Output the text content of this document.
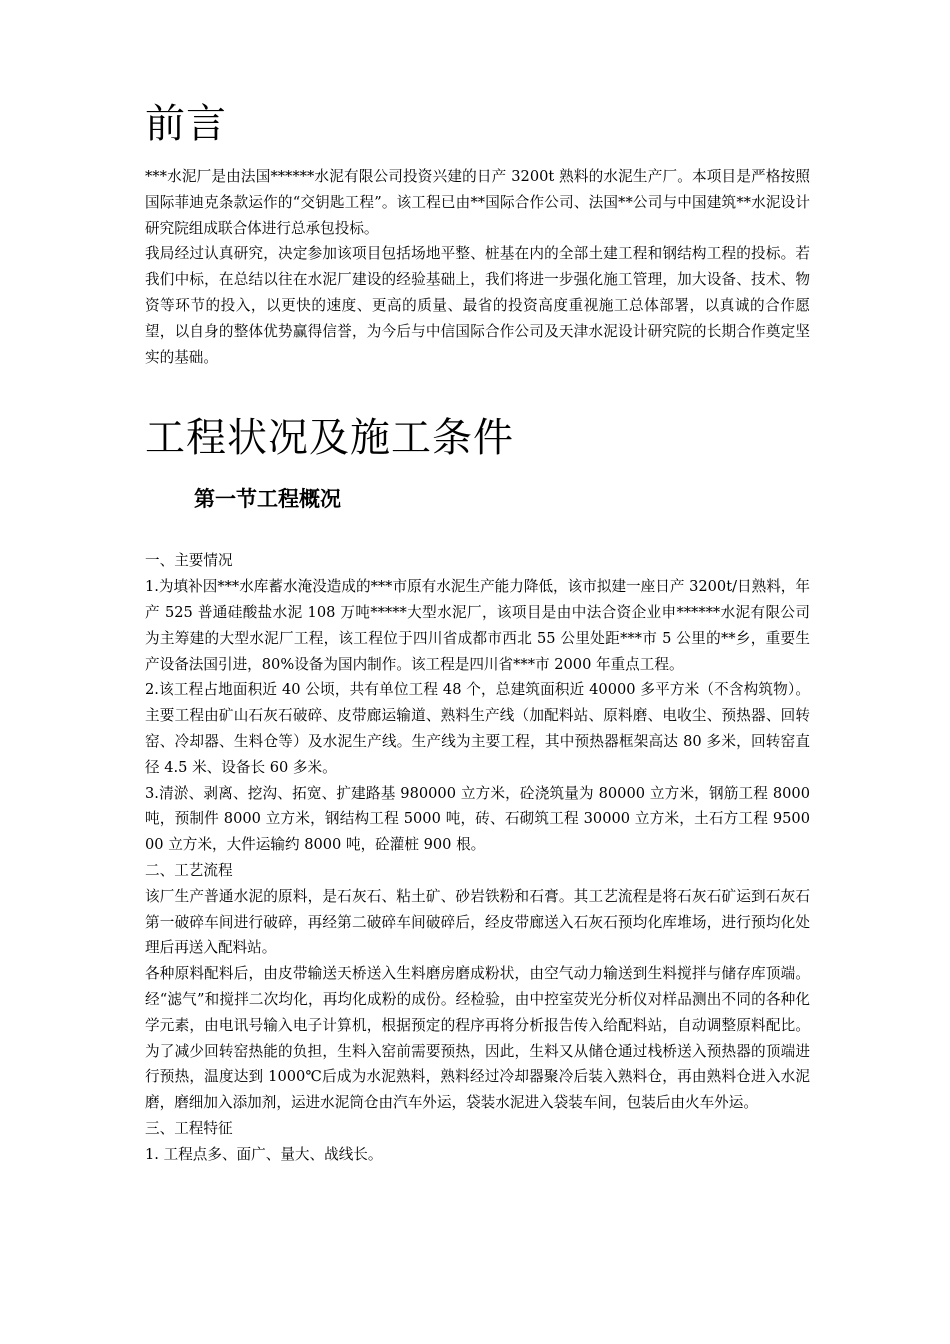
前言

***水泥厂是由法国******水泥有限公司投资兴建的日产 3200t 熟料的水泥生产厂。本项目是严格按照国际菲迪克条款运作的“交钥匙工程”。该工程已由**国际合作公司、法国**公司与中国建筑**水泥设计研究院组成联合体进行总承包投标。

我局经过认真研究，决定参加该项目包括场地平整、桩基在内的全部土建工程和钢结构工程的投标。若我们中标，在总结以往在水泥厂建设的经验基础上，我们将进一步强化施工管理，加大设备、技术、物资等环节的投入，以更快的速度、更高的质量、最省的投资高度重视施工总体部署，以真诚的合作愿望，以自身的整体优势赢得信誉，为今后与中信国际合作公司及天津水泥设计研究院的长期合作奠定坚实的基础。

工程状况及施工条件
第一节工程概况

一、主要情况

1.为填补因***水库蓄水淹没造成的***市原有水泥生产能力降低，该市拟建一座日产 3200t/日熟料，年产 525 普通硅酸盐水泥 108 万吨*****大型水泥厂，该项目是由中法合资企业申******水泥有限公司为主筹建的大型水泥厂工程，该工程位于四川省成都市西北 55 公里处距***市 5 公里的**乡，重要生产设备法国引进，80%设备为国内制作。该工程是四川省***市 2000 年重点工程。

2.该工程占地面积近 40 公顷，共有单位工程 48 个，总建筑面积近 40000 多平方米（不含构筑物）。主要工程由矿山石灰石破碎、皮带廊运输道、熟料生产线（加配料站、原料磨、电收尘、预热器、回转窑、冷却器、生料仓等）及水泥生产线。生产线为主要工程，其中预热器框架高达 80 多米，回转窑直径 4.5 米、设备长 60 多米。

3.清淤、剥离、挖沟、拓宽、扩建路基 980000 立方米，砼浇筑量为 80000 立方米，钢筋工程 8000 吨，预制件 8000 立方米，钢结构工程 5000 吨，砖、石砌筑工程 30000 立方米，土石方工程 950000 立方米，大件运输约 8000 吨，砼灌桩 900 根。

二、工艺流程

该厂生产普通水泥的原料，是石灰石、粘土矿、砂岩铁粉和石膏。其工艺流程是将石灰石矿运到石灰石第一破碎车间进行破碎，再经第二破碎车间破碎后，经皮带廊送入石灰石预均化库堆场，进行预均化处理后再送入配料站。

各种原料配料后，由皮带输送天桥送入生料磨房磨成粉状，由空气动力输送到生料搅拌与储存库顶端。经“滤气”和搅拌二次均化，再均化成粉的成份。经检验，由中控室荧光分析仪对样品测出不同的各种化学元素，由电讯号输入电子计算机，根据预定的程序再将分析报告传入给配料站，自动调整原料配比。为了减少回转窑热能的负担，生料入窑前需要预热，因此，生料又从储仓通过栈桥送入预热器的顶端进行预热，温度达到 1000℃后成为水泥熟料，熟料经过冷却器聚冷后装入熟料仓，再由熟料仓进入水泥磨，磨细加入添加剂，运进水泥筒仓由汽车外运，袋装水泥进入袋装车间，包装后由火车外运。

三、工程特征

1. 工程点多、面广、量大、战线长。
